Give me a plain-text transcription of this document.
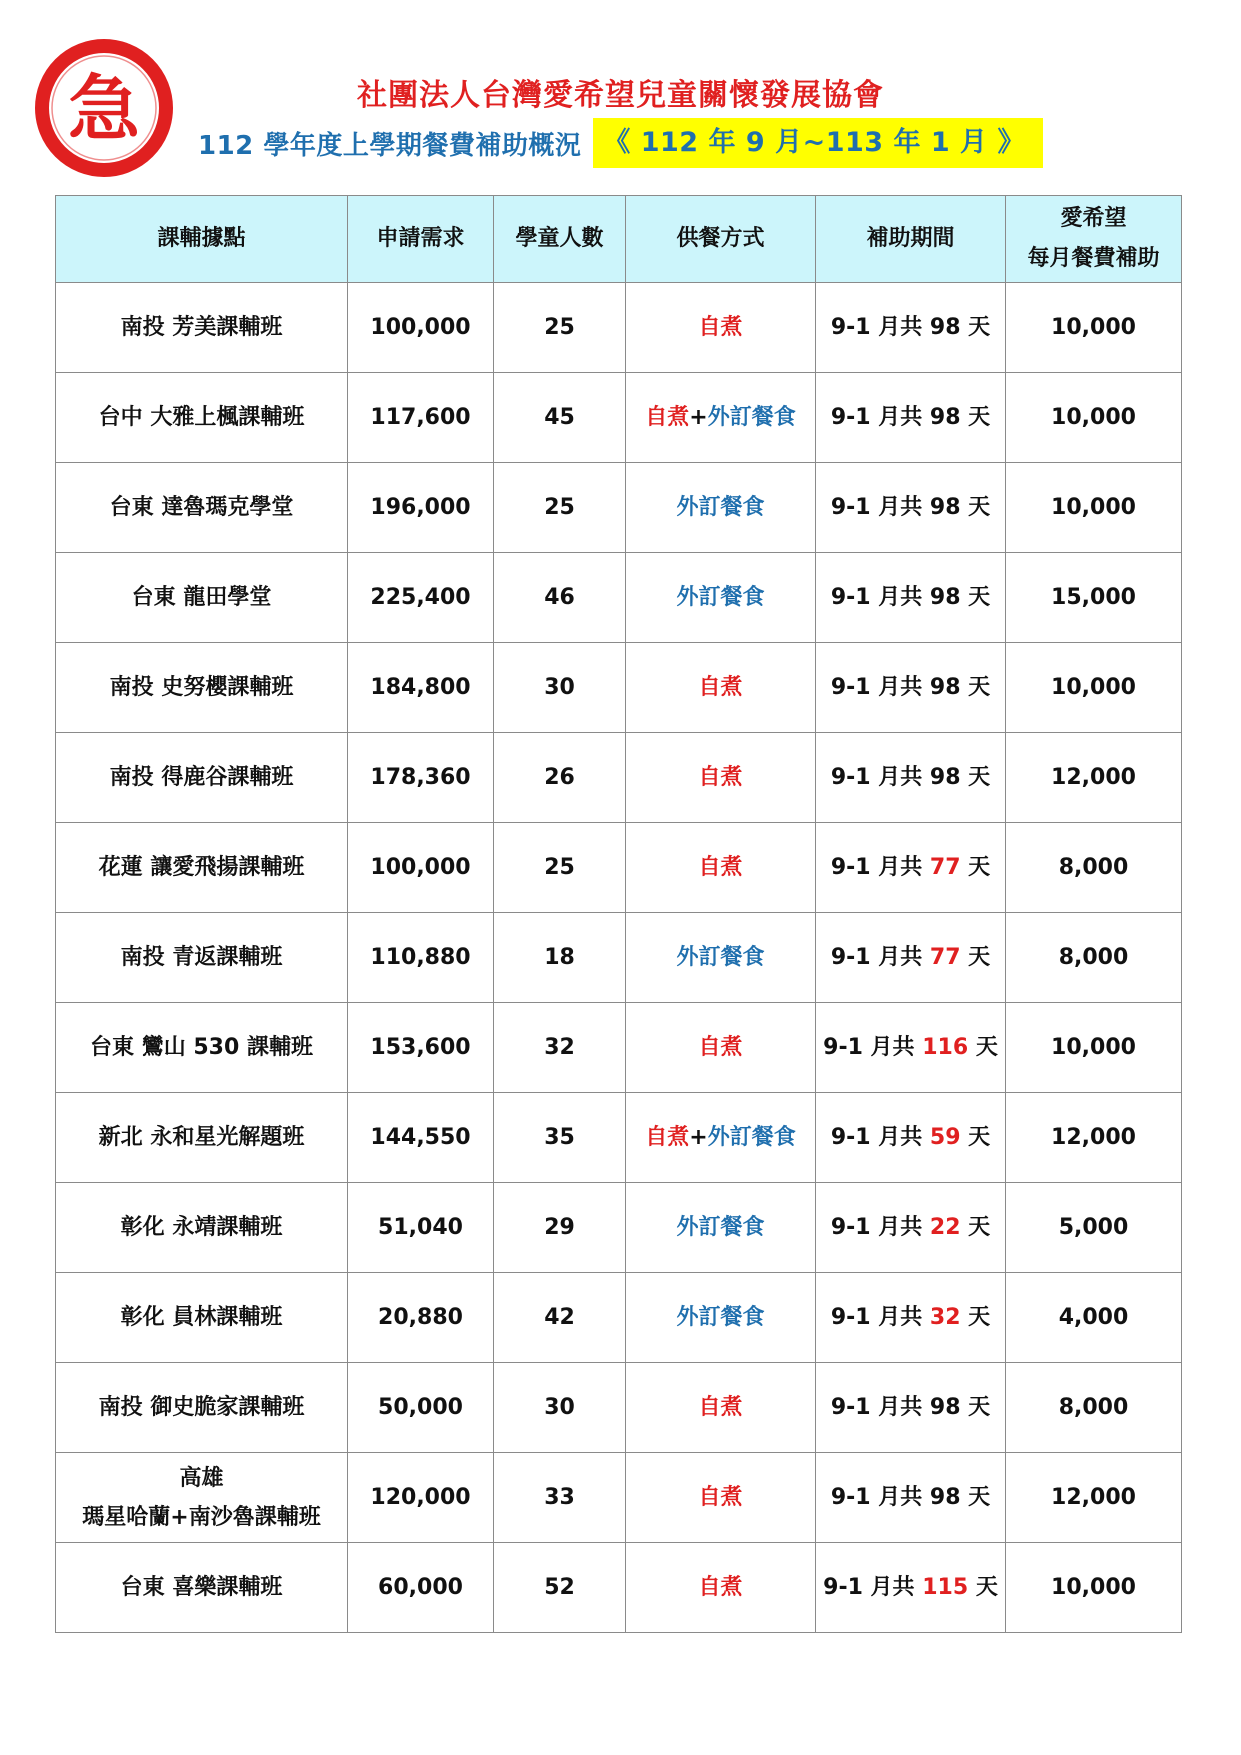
急	社團法人台灣愛希望兒童關懷發展協會
112 學年度上學期餐費補助概況 《 112 年 9 月~113 年 1 月 》
課輔據點	申請需求	學童人數	供餐方式	補助期間	愛希望
每月餐費補助

南投 芳美課輔班	100,000	25	自煮	9-1 月共 98 天	10,000

台中 大雅上楓課輔班	117,600	45	自煮+外訂餐食	9-1 月共 98 天	10,000

台東 達魯瑪克學堂	196,000	25	外訂餐食	9-1 月共 98 天	10,000

台東 龍田學堂	225,400	46	外訂餐食	9-1 月共 98 天	15,000

南投 史努櫻課輔班	184,800	30	自煮	9-1 月共 98 天	10,000

南投 得鹿谷課輔班	178,360	26	自煮	9-1 月共 98 天	12,000

花蓮 讓愛飛揚課輔班	100,000	25	自煮	9-1 月共 77 天	8,000

南投 青返課輔班	110,880	18	外訂餐食	9-1 月共 77 天	8,000

台東 鸞山 530 課輔班	153,600	32	自煮	9-1 月共 116 天	10,000

新北 永和星光解題班	144,550	35	自煮+外訂餐食	9-1 月共 59 天	12,000

彰化 永靖課輔班	51,040	29	外訂餐食	9-1 月共 22 天	5,000

彰化 員林課輔班	20,880	42	外訂餐食	9-1 月共 32 天	4,000

南投 御史脆家課輔班	50,000	30	自煮	9-1 月共 98 天	8,000

高雄
瑪星哈蘭+南沙魯課輔班	120,000	33	自煮	9-1 月共 98 天	12,000

台東 喜樂課輔班	60,000	52	自煮	9-1 月共 115 天	10,000
